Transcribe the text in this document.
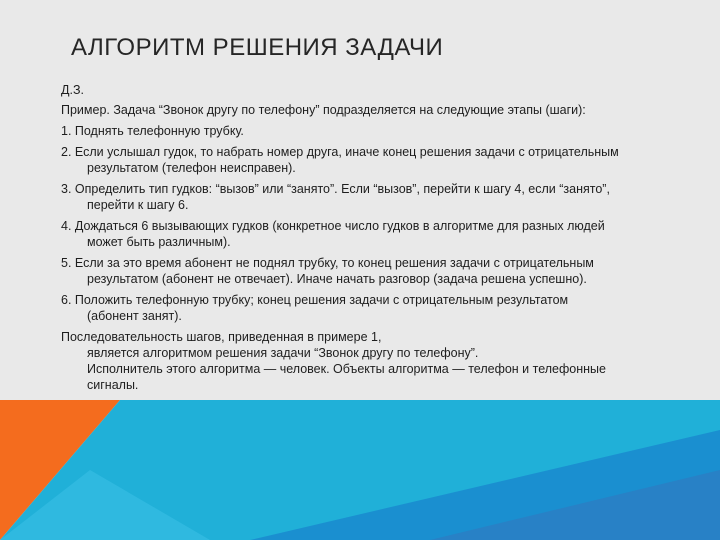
АЛГОРИТМ РЕШЕНИЯ ЗАДАЧИ

Д.З.

Пример. Задача “Звонок другу по телефону” подразделяется на следующие этапы (шаги):

1. Поднять телефонную трубку.

2. Если услышал гудок, то набрать номер друга, иначе конец решения задачи с отрицательным результатом (телефон неисправен).

3. Определить тип гудков: “вызов” или “занято”. Если “вызов”, перейти к шагу 4, если “занято”, перейти к шагу 6.

4. Дождаться 6 вызывающих гудков (конкретное число гудков в алгоритме для разных людей может быть различным).

5. Если за это время абонент не поднял трубку, то конец решения задачи с отрицательным результатом (абонент не отвечает). Иначе начать разговор (задача решена успешно).

6. Положить телефонную трубку; конец решения задачи с отрицательным результатом (абонент занят).

Последовательность шагов, приведенная в примере 1,
является алгоритмом решения задачи “Звонок другу по телефону”.
Исполнитель этого алгоритма — человек. Объекты алгоритма — телефон и телефонные сигналы.
